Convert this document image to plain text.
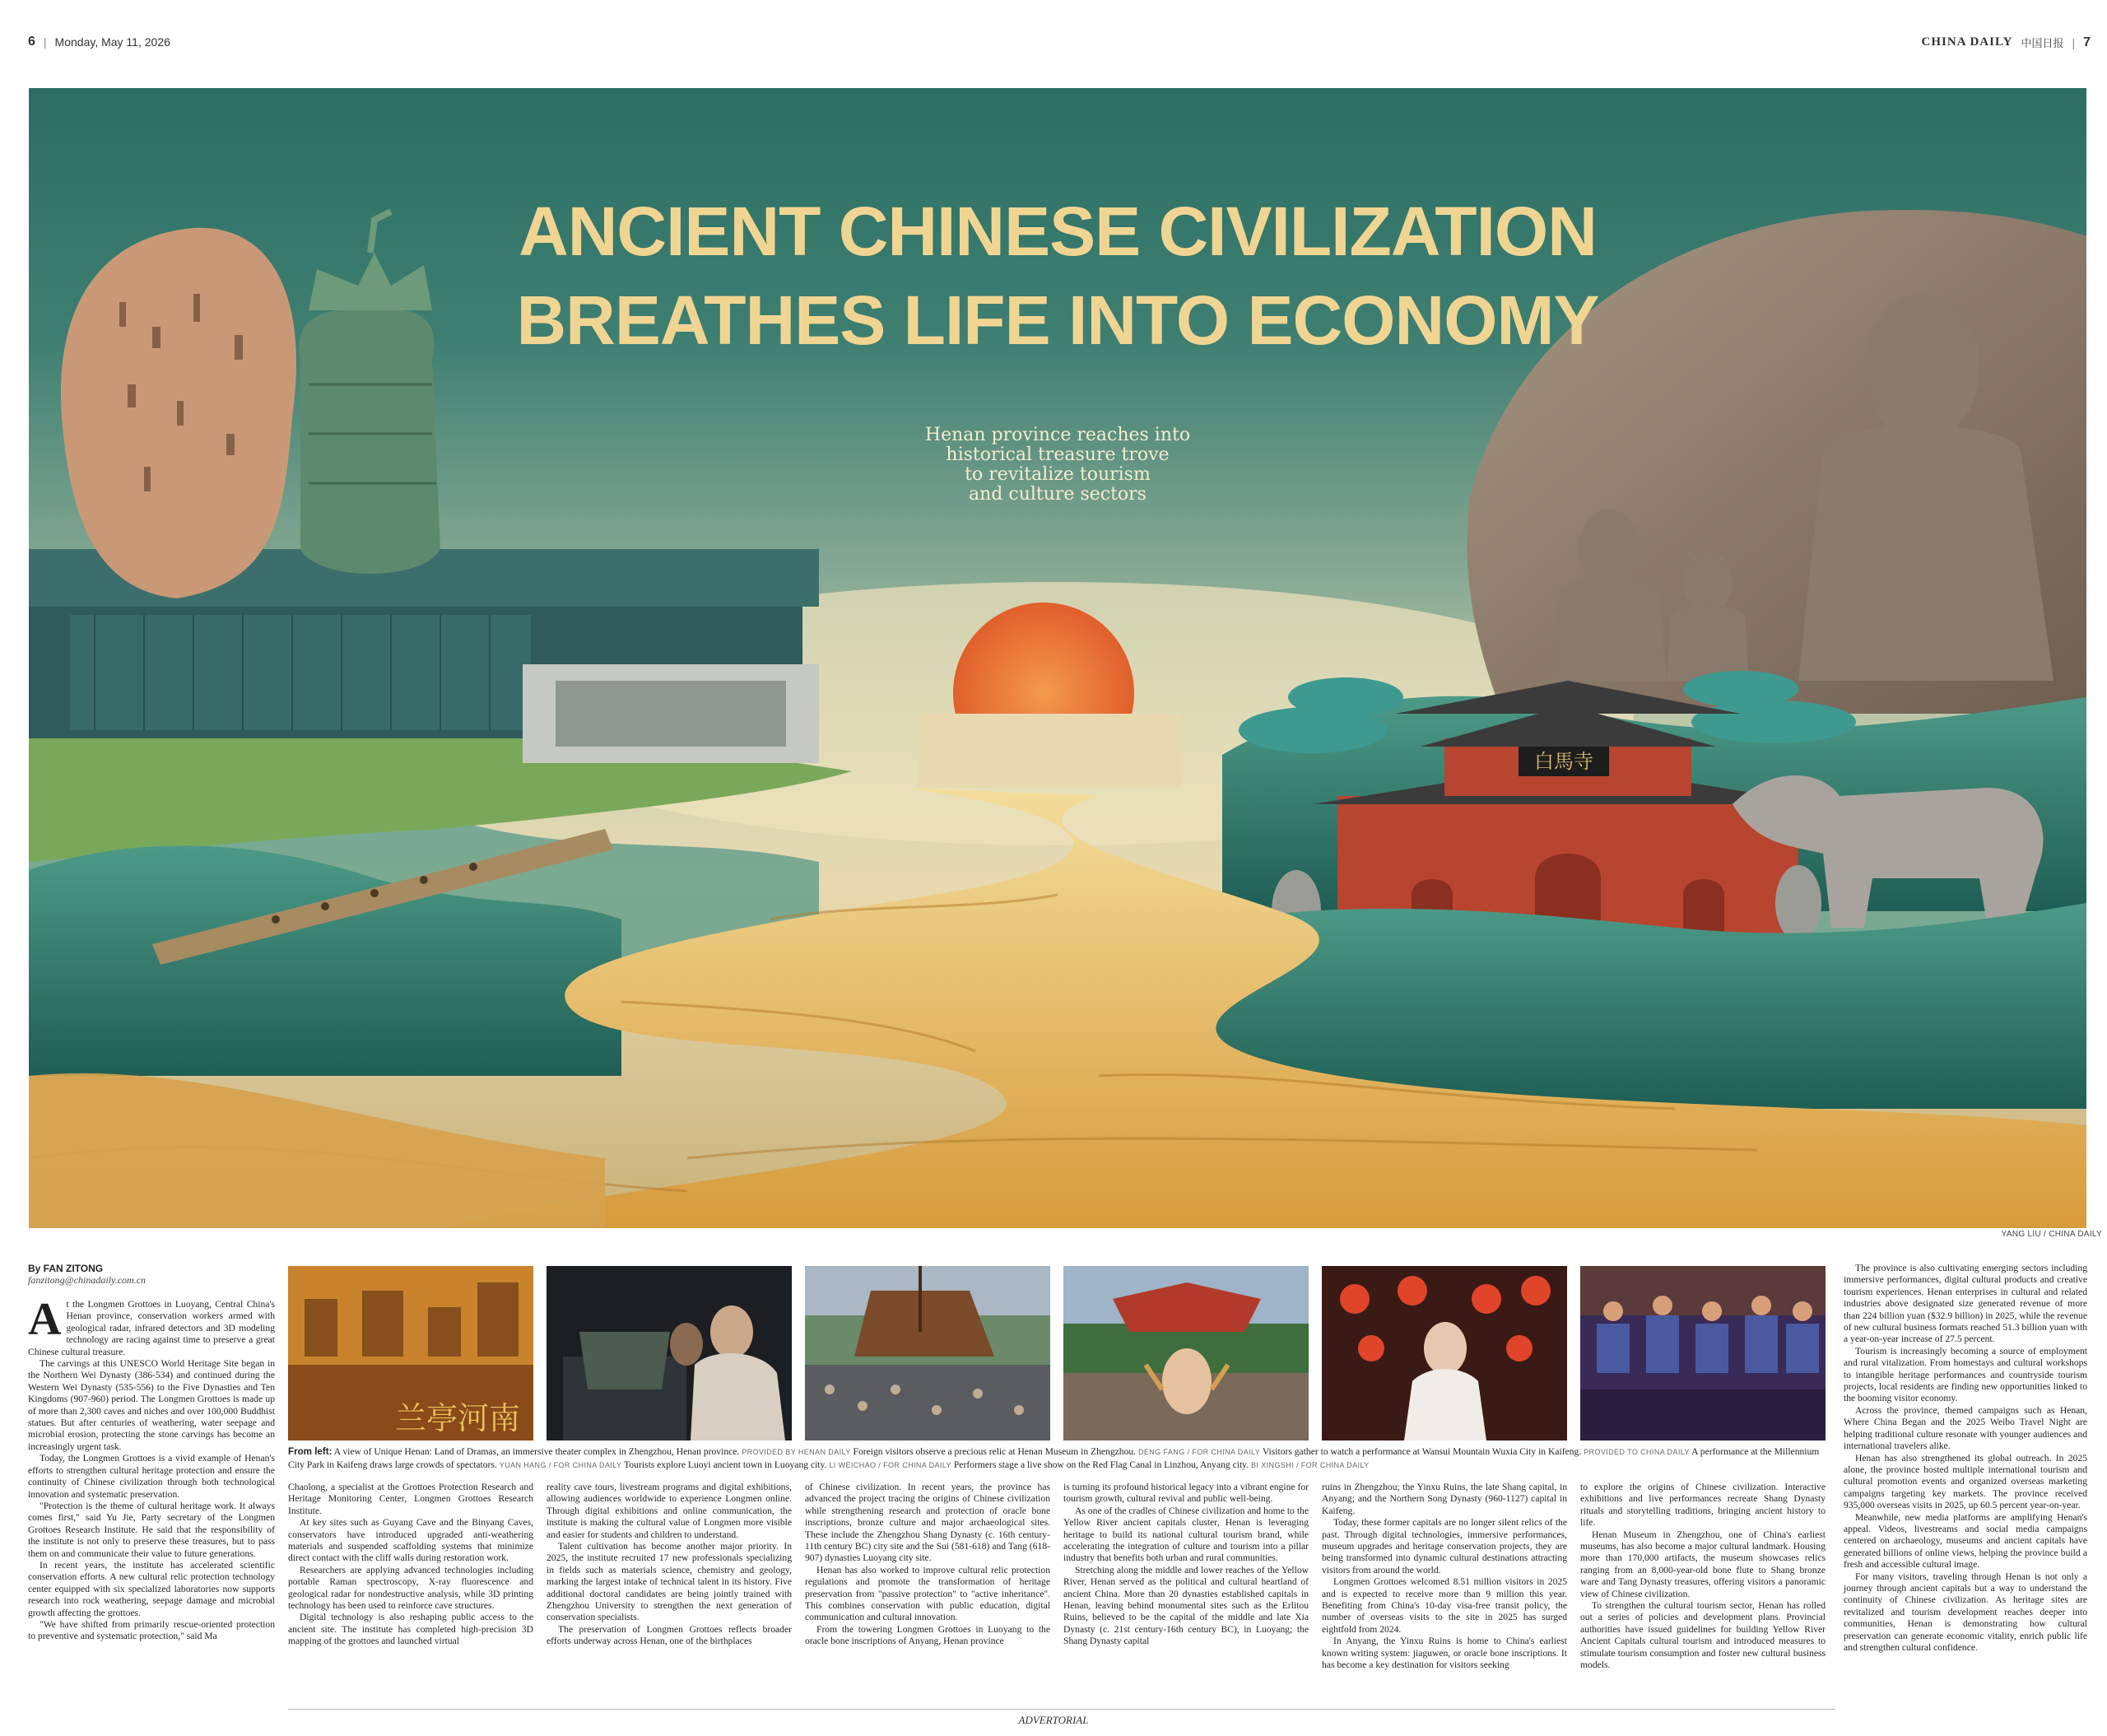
6 | Monday, May 11, 2026	CHINA DAILY 中国日报 | 7
白馬寺
ANCIENT CHINESE CIVILIZATION
BREATHES LIFE INTO ECONOMY
Henan province reaches into
historical treasure trove
to revitalize tourism
and culture sectors
YANG LIU / CHINA DAILY
By FAN ZITONG
fanzitong@chinadaily.com.cn

At the Longmen Grottoes in Luoyang, Central China's Henan province, conservation workers armed with geological radar, infrared detectors and 3D modeling technology are racing against time to preserve a great Chinese cultural treasure.

The carvings at this UNESCO World Heritage Site began in the Northern Wei Dynasty (386-534) and continued during the Western Wei Dynasty (535-556) to the Five Dynasties and Ten Kingdoms (907-960) period. The Longmen Grottoes is made up of more than 2,300 caves and niches and over 100,000 Buddhist statues. But after centuries of weathering, water seepage and microbial erosion, protecting the stone carvings has become an increasingly urgent task.

Today, the Longmen Grottoes is a vivid example of Henan's efforts to strengthen cultural heritage protection and ensure the continuity of Chinese civilization through both technological innovation and systematic preservation.

"Protection is the theme of cultural heritage work. It always comes first," said Yu Jie, Party secretary of the Longmen Grottoes Research Institute. He said that the responsibility of the institute is not only to preserve these treasures, but to pass them on and communicate their value to future generations.

In recent years, the institute has accelerated scientific conservation efforts. A new cultural relic protection technology center equipped with six specialized laboratories now supports research into rock weathering, seepage damage and microbial growth affecting the grottoes.

"We have shifted from primarily rescue-oriented protection to preventive and systematic protection," said Ma

兰亭河南
From left: A view of Unique Henan: Land of Dramas, an immersive theater complex in Zhengzhou, Henan province. PROVIDED BY HENAN DAILY Foreign visitors observe a precious relic at Henan Museum in Zhengzhou. DENG FANG / FOR CHINA DAILY Visitors gather to watch a performance at Wansui Mountain Wuxia City in Kaifeng. PROVIDED TO CHINA DAILY A performance at the Millennium City Park in Kaifeng draws large crowds of spectators. YUAN HANG / FOR CHINA DAILY Tourists explore Luoyi ancient town in Luoyang city. LI WEICHAO / FOR CHINA DAILY Performers stage a live show on the Red Flag Canal in Linzhou, Anyang city. BI XINGSHI / FOR CHINA DAILY

Chaolong, a specialist at the Grottoes Protection Research and Heritage Monitoring Center, Longmen Grottoes Research Institute.

At key sites such as Guyang Cave and the Binyang Caves, conservators have introduced upgraded anti-weathering materials and suspended scaffolding systems that minimize direct contact with the cliff walls during restoration work.

Researchers are applying advanced technologies including portable Raman spectroscopy, X-ray fluorescence and geological radar for nondestructive analysis, while 3D printing technology has been used to reinforce cave structures.

Digital technology is also reshaping public access to the ancient site. The institute has completed high-precision 3D mapping of the grottoes and launched virtual

reality cave tours, livestream programs and digital exhibitions, allowing audiences worldwide to experience Longmen online. Through digital exhibitions and online communication, the institute is making the cultural value of Longmen more visible and easier for students and children to understand.

Talent cultivation has become another major priority. In 2025, the institute recruited 17 new professionals specializing in fields such as materials science, chemistry and geology, marking the largest intake of technical talent in its history. Five additional doctoral candidates are being jointly trained with Zhengzhou University to strengthen the next generation of conservation specialists.

The preservation of Longmen Grottoes reflects broader efforts underway across Henan, one of the birthplaces

of Chinese civilization. In recent years, the province has advanced the project tracing the origins of Chinese civilization while strengthening research and protection of oracle bone inscriptions, bronze culture and major archaeological sites. These include the Zhengzhou Shang Dynasty (c. 16th century-11th century BC) city site and the Sui (581-618) and Tang (618-907) dynasties Luoyang city site.

Henan has also worked to improve cultural relic protection regulations and promote the transformation of heritage preservation from "passive protection" to "active inheritance". This combines conservation with public education, digital communication and cultural innovation.

From the towering Longmen Grottoes in Luoyang to the oracle bone inscriptions of Anyang, Henan province

is turning its profound historical legacy into a vibrant engine for tourism growth, cultural revival and public well-being.

As one of the cradles of Chinese civilization and home to the Yellow River ancient capitals cluster, Henan is leveraging heritage to build its national cultural tourism brand, while accelerating the integration of culture and tourism into a pillar industry that benefits both urban and rural communities.

Stretching along the middle and lower reaches of the Yellow River, Henan served as the political and cultural heartland of ancient China. More than 20 dynasties established capitals in Henan, leaving behind monumental sites such as the Erlitou Ruins, believed to be the capital of the middle and late Xia Dynasty (c. 21st century-16th century BC), in Luoyang; the Shang Dynasty capital

ruins in Zhengzhou; the Yinxu Ruins, the late Shang capital, in Anyang; and the Northern Song Dynasty (960-1127) capital in Kaifeng.

Today, these former capitals are no longer silent relics of the past. Through digital technologies, immersive performances, museum upgrades and heritage conservation projects, they are being transformed into dynamic cultural destinations attracting visitors from around the world.

Longmen Grottoes welcomed 8.51 million visitors in 2025 and is expected to receive more than 9 million this year. Benefiting from China's 10-day visa-free transit policy, the number of overseas visits to the site in 2025 has surged eightfold from 2024.

In Anyang, the Yinxu Ruins is home to China's earliest known writing system: jiaguwen, or oracle bone inscriptions. It has become a key destination for visitors seeking

to explore the origins of Chinese civilization. Interactive exhibitions and live performances recreate Shang Dynasty rituals and storytelling traditions, bringing ancient history to life.

Henan Museum in Zhengzhou, one of China's earliest museums, has also become a major cultural landmark. Housing more than 170,000 artifacts, the museum showcases relics ranging from an 8,000-year-old bone flute to Shang bronze ware and Tang Dynasty treasures, offering visitors a panoramic view of Chinese civilization.

To strengthen the cultural tourism sector, Henan has rolled out a series of policies and development plans. Provincial authorities have issued guidelines for building Yellow River Ancient Capitals cultural tourism and introduced measures to stimulate tourism consumption and foster new cultural business models.

The province is also cultivating emerging sectors including immersive performances, digital cultural products and creative tourism experiences. Henan enterprises in cultural and related industries above designated size generated revenue of more than 224 billion yuan ($32.9 billion) in 2025, while the revenue of new cultural business formats reached 51.3 billion yuan with a year-on-year increase of 27.5 percent.

Tourism is increasingly becoming a source of employment and rural vitalization. From homestays and cultural workshops to intangible heritage performances and countryside tourism projects, local residents are finding new opportunities linked to the booming visitor economy.

Across the province, themed campaigns such as Henan, Where China Began and the 2025 Weibo Travel Night are helping traditional culture resonate with younger audiences and international travelers alike.

Henan has also strengthened its global outreach. In 2025 alone, the province hosted multiple international tourism and cultural promotion events and organized overseas marketing campaigns targeting key markets. The province received 935,000 overseas visits in 2025, up 60.5 percent year-on-year.

Meanwhile, new media platforms are amplifying Henan's appeal. Videos, livestreams and social media campaigns centered on archaeology, museums and ancient capitals have generated billions of online views, helping the province build a fresh and accessible cultural image.

For many visitors, traveling through Henan is not only a journey through ancient capitals but a way to understand the continuity of Chinese civilization. As heritage sites are revitalized and tourism development reaches deeper into communities, Henan is demonstrating how cultural preservation can generate economic vitality, enrich public life and strengthen cultural confidence.

ADVERTORIAL
